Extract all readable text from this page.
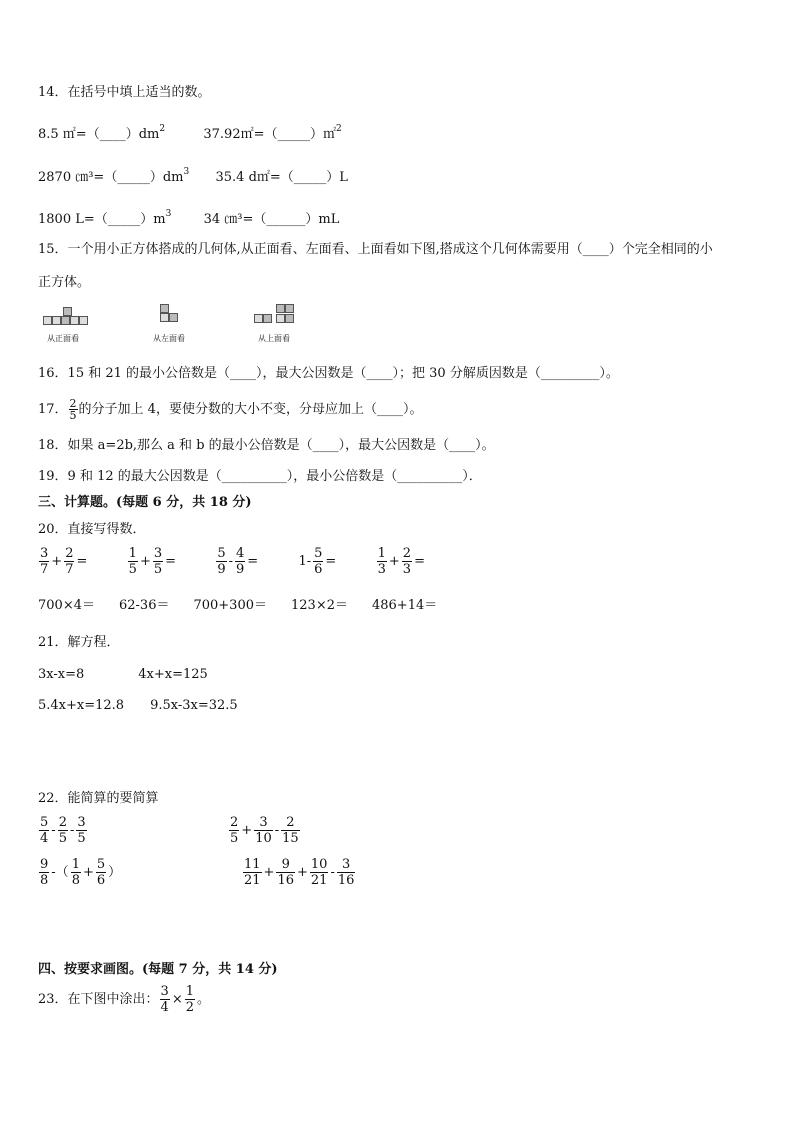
14．在括号中填上适当的数。
8.5 $㎡=(\_\_\_\_)dm^2$	37.92㎡=（_____）㎡$^2$
2870 $㎝^3=(\_\_\_\_\_)dm^3$ 35.4 d㎡=（_____）L
1800 $L=(\_\_\_\_\_)m^3$ 34 ㎝³=（______）mL
15．一个用小正方体搭成的几何体,从正面看、左面看、上面看如下图,搭成这个几何体需要用（____）个完全相同的小
正方体。
从正面看	从左面看	从上面看
16．15 和 21 的最小公倍数是（____），最大公因数是（____）；把 30 分解质因数是（_________）。
17． $\frac{2}{5}$ 的分子加上 4，要使分数的大小不变，分母应加上（____）。
18．如果 a=2b,那么 a 和 b 的最小公倍数是（____），最大公因数是（____）。
19．9 和 12 的最大公因数是（__________），最小公倍数是（__________）．
三、计算题。(每题 6 分，共 18 分)
20．直接写得数．
$\frac{3}{7} + \frac{2}{7}$ =	$\frac{1}{5} + \frac{3}{5}$ =	$\frac{5}{9} - \frac{4}{9}$ =	$1- \frac{5}{6}$ =	$\frac{1}{3} + \frac{2}{3}$ =
700×4＝ 62-36＝ 700+300＝ 123×2＝ 486+14＝
21．解方程．
3x-x=8	4x+x=125
5.4x+x=12.8 9.5x-3x=32.5
22．能简算的要简算
$\frac{5}{4} - \frac{2}{5} - \frac{3}{5}$	$\frac{2}{5} + \frac{3}{10} - \frac{2}{15}$
$\frac{9}{8}$ -（ $\frac{1}{8} + \frac{5}{6}$ ）	$\frac{11}{21} + \frac{9}{16} + \frac{10}{21} - \frac{3}{16}$
四、按要求画图。(每题 7 分，共 14 分)
23．在下图中涂出： $\frac{3}{4} \times \frac{1}{2}$ 。
